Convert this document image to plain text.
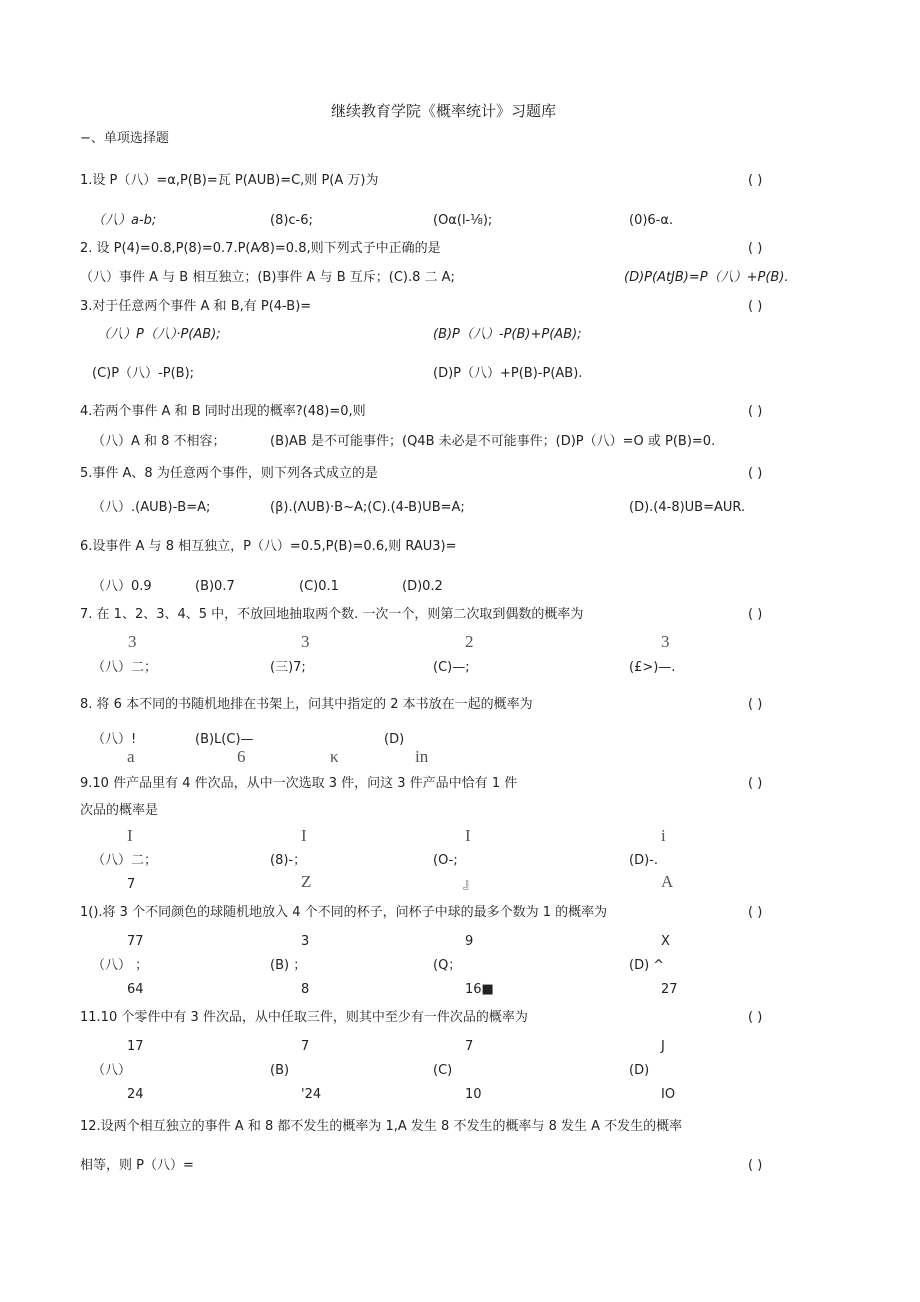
继续教育学院《概率统计》习题库
−、单项选择题
1.设 P（八）=α,P(B)=瓦 P(AUB)=C,则 P(A 万)为	( )
（八）a-b;	(8)c-6;	(Oα(l-⅛);	(0)6-α.
2. 设 P(4)=0.8,P(8)=0.7.P(A⁄8)=0.8,则下列式子中正确的是	( )
（八）事件 A 与 B 相互独立；(B)事件 A 与 B 互斥；(C).8 二 A;	(D)P(AtJB)=P（八）+P(B).
3.对于任意两个事件 A 和 B,有 P(4-B)=	( )
（八）P（八）·P(AB);	(B)P（八）-P(B)+P(AB);
(C)P（八）-P(B);	(D)P（八）+P(B)-P(AB).
4.若两个事件 A 和 B 同时出现的概率?(48)=0,则	( )
（八）A 和 8 不相容；	(B)AB 是不可能事件；(Q4B 未必是不可能事件；(D)P（八）=O 或 P(B)=0.
5.事件 A、8 为任意两个事件，则下列各式成立的是	( )
（八）.(AUB)-B=A;	(β).(ΛUB)·B~A;(C).(4-B)UB=A;	(D).(4-8)UB=AUR.
6.设事件 A 与 8 相互独立，P（八）=0.5,P(B)=0.6,则 RAU3)=
（八）0.9	(B)0.7	(C)0.1	(D)0.2
7. 在 1、2、3、4、5 中，不放回地抽取两个数. 一次一个，则第二次取到偶数的概率为	( )
3	3	2	3
（八）二；	(三)7;	(C)—;	(£>)—.
8. 将 6 本不同的书随机地排在书架上，问其中指定的 2 本书放在一起的概率为	( )
（八）!	(B)L(C)—	(D)
a	6	κ	in
9.10 件产品里有 4 件次品，从中一次选取 3 件，问这 3 件产品中恰有 1 件	( )
次品的概率是
I	I	I	i
（八）二；	(8)-；	(O-;	(D)-.
7	Z	』	A
1().将 3 个不同颜色的球随机地放入 4 个不同的杯子，问杯子中球的最多个数为 1 的概率为	( )
77	3	9	X
（八） ；	(B) ；	(Q；	(D) ^
64	8	16■	27
11.10 个零件中有 3 件次品，从中任取三件，则其中至少有一件次品的概率为	( )
17	7	7	J
（八）	(B)	(C)	(D)
24	'24	10	IO
12.设两个相互独立的事件 A 和 8 都不发生的概率为 1,A 发生 8 不发生的概率与 8 发生 A 不发生的概率
相等，则 P（八）=	( )
